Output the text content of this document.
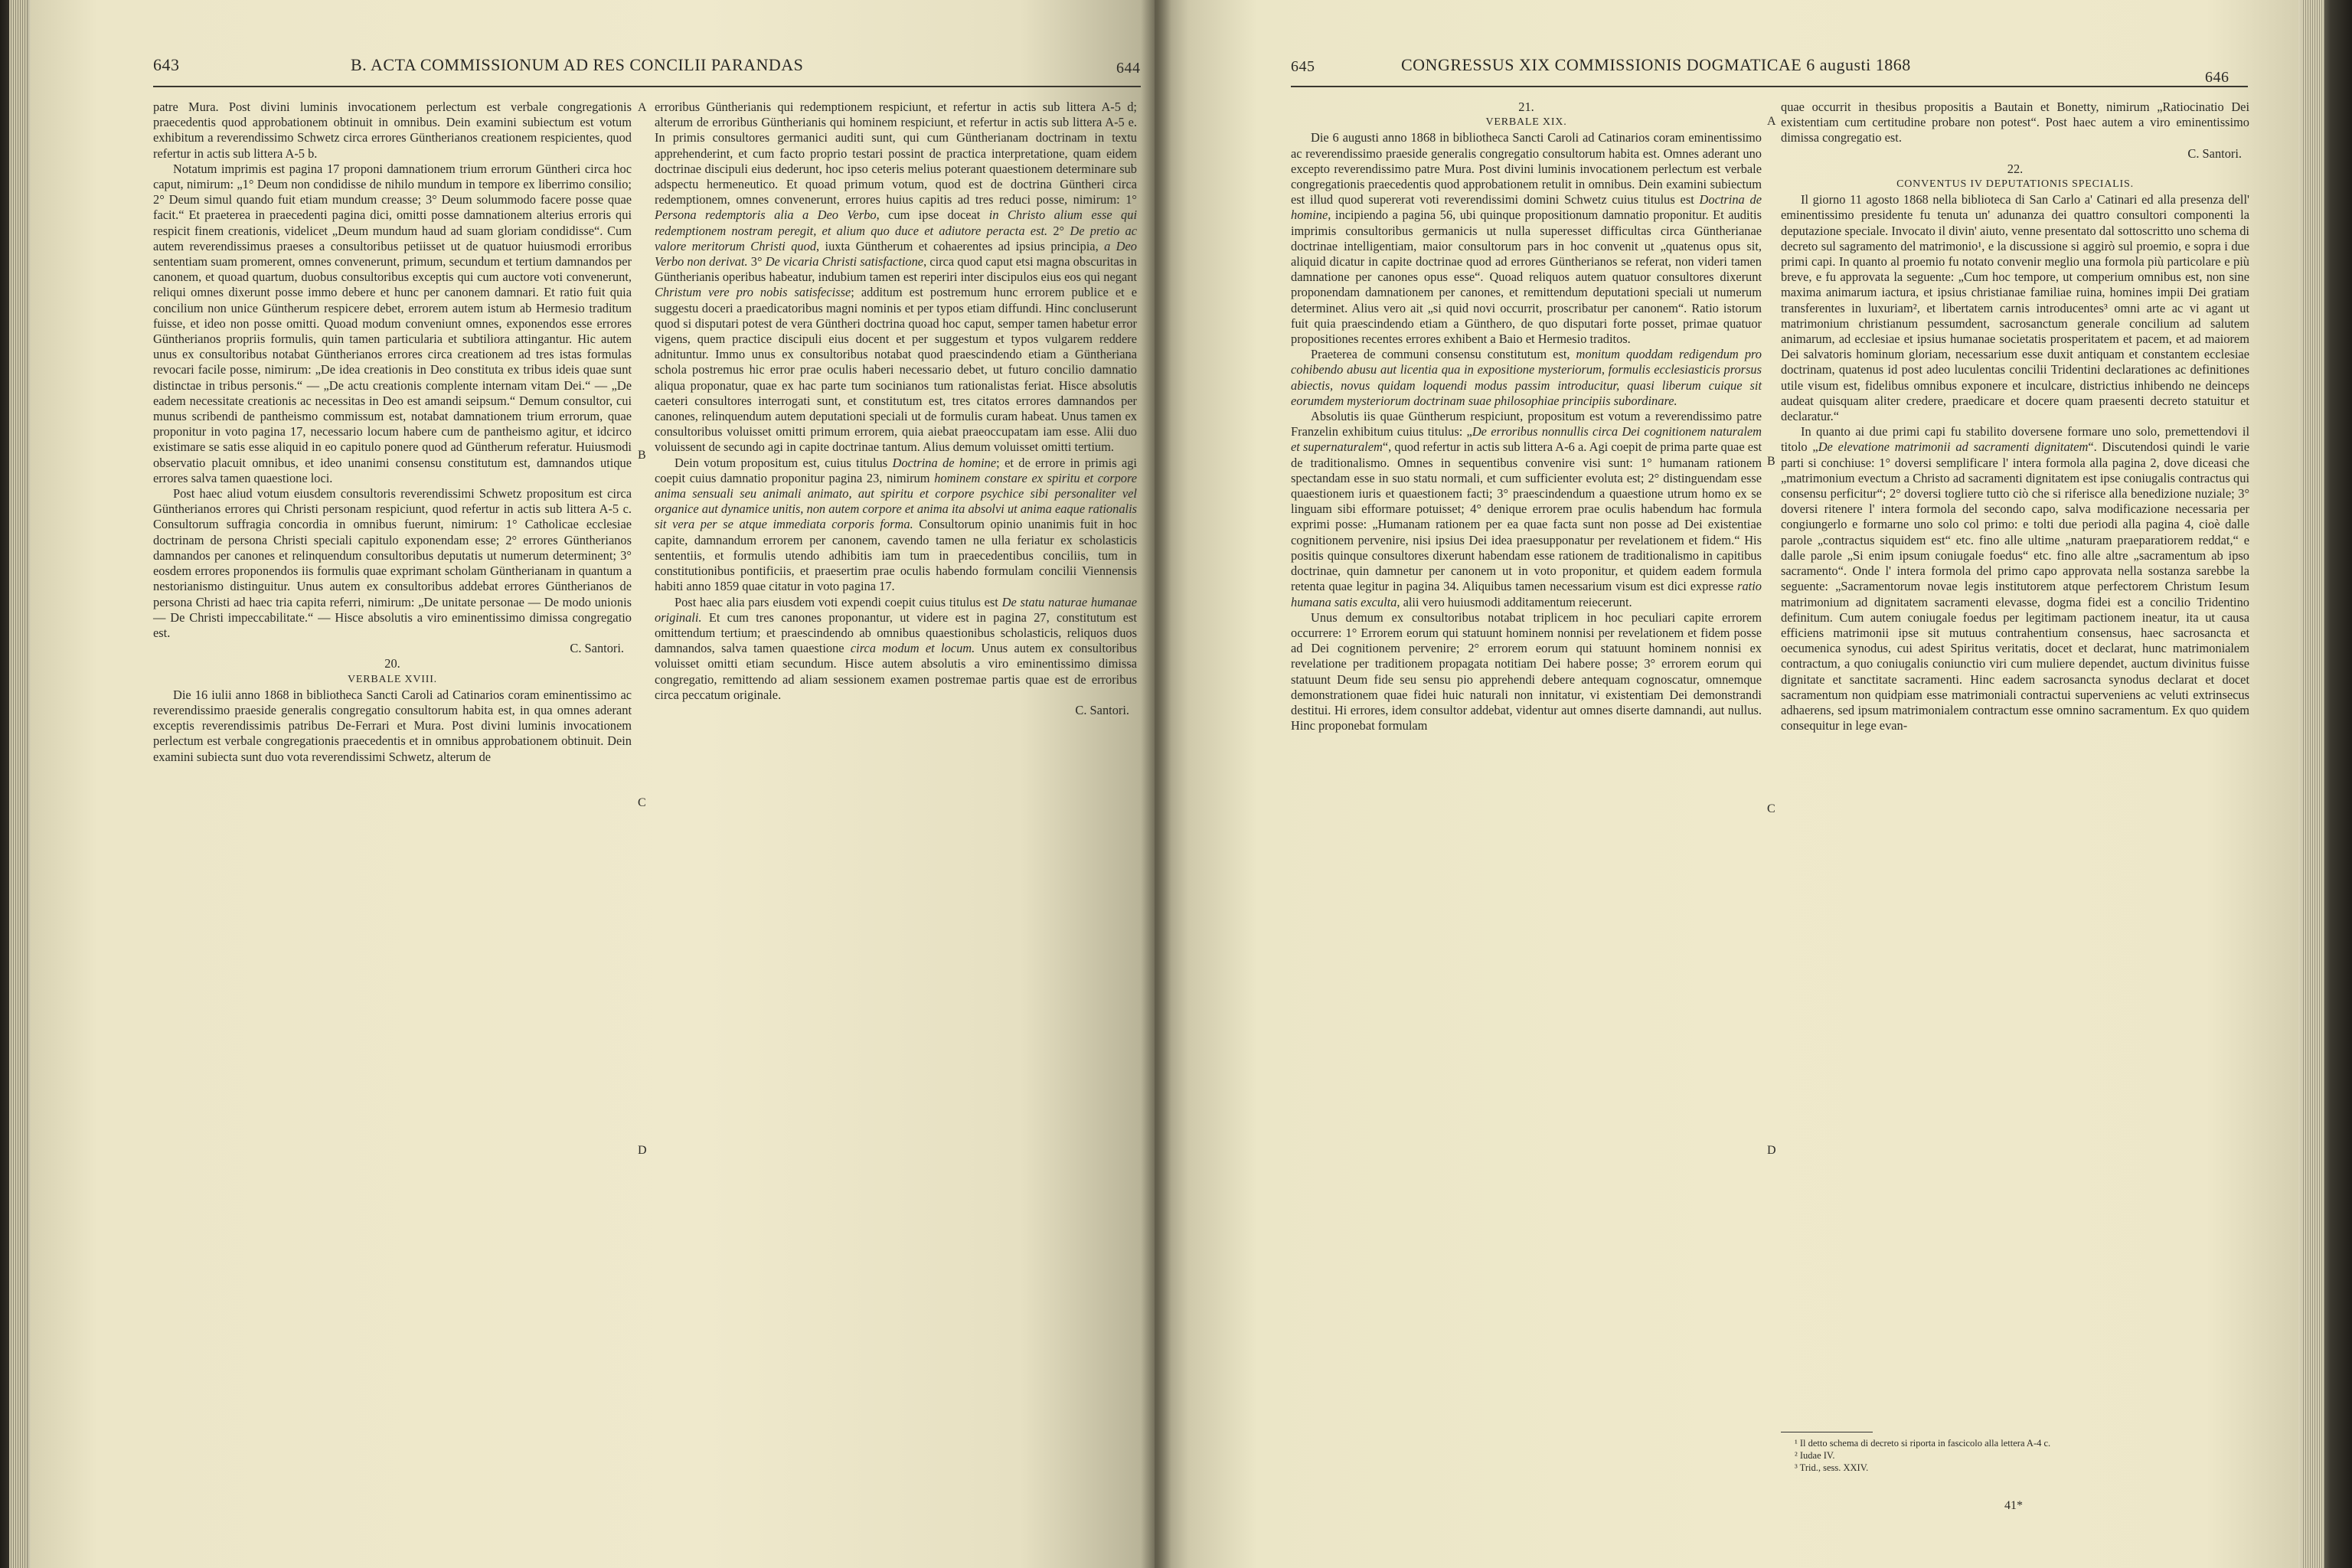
643	B. ACTA COMMISSIONUM AD RES CONCILII PARANDAS	644

patre Mura. Post divini luminis invocationem perlectum est verbale congregationis praecedentis quod approbationem obtinuit in omnibus. Dein examini subiectum est votum exhibitum a reverendissimo Schwetz circa errores Güntherianos creationem respicientes, quod refertur in actis sub littera A-5 b.

Notatum imprimis est pagina 17 proponi damnationem trium errorum Güntheri circa hoc caput, nimirum: „1° Deum non condidisse de nihilo mundum in tempore ex liberrimo consilio; 2° Deum simul quando fuit etiam mundum creasse; 3° Deum solummodo facere posse quae facit.“ Et praeterea in praecedenti pagina dici, omitti posse damnationem alterius erroris qui respicit finem creationis, videlicet „Deum mundum haud ad suam gloriam condidisse“. Cum autem reverendissimus praeses a consultoribus petiisset ut de quatuor huiusmodi erroribus sententiam suam promerent, omnes convenerunt, primum, secundum et tertium damnandos per canonem, et quoad quartum, duobus consultoribus exceptis qui cum auctore voti convenerunt, reliqui omnes dixerunt posse immo debere et hunc per canonem damnari. Et ratio fuit quia concilium non unice Güntherum respicere debet, errorem autem istum ab Hermesio traditum fuisse, et ideo non posse omitti. Quoad modum conveniunt omnes, exponendos esse errores Güntherianos propriis formulis, quin tamen particularia et subtiliora attingantur. Hic autem unus ex consultoribus notabat Güntherianos errores circa creationem ad tres istas formulas revocari facile posse, nimirum: „De idea creationis in Deo constituta ex tribus ideis quae sunt distinctae in tribus personis.“ — „De actu creationis complente internam vitam Dei.“ — „De eadem necessitate creationis ac necessitas in Deo est amandi seipsum.“ Demum consultor, cui munus scribendi de pantheismo commissum est, notabat damnationem trium errorum, quae proponitur in voto pagina 17, necessario locum habere cum de pantheismo agitur, et idcirco existimare se satis esse aliquid in eo capitulo ponere quod ad Güntherum referatur. Huiusmodi observatio placuit omnibus, et ideo unanimi consensu constitutum est, damnandos utique errores salva tamen quaestione loci.

Post haec aliud votum eiusdem consultoris reverendissimi Schwetz propositum est circa Güntherianos errores qui Christi personam respiciunt, quod refertur in actis sub littera A-5 c. Consultorum suffragia concordia in omnibus fuerunt, nimirum: 1° Catholicae ecclesiae doctrinam de persona Christi speciali capitulo exponendam esse; 2° errores Güntherianos damnandos per canones et relinquendum consultoribus deputatis ut numerum determinent; 3° eosdem errores proponendos iis formulis quae exprimant scholam Güntherianam in quantum a nestorianismo distinguitur. Unus autem ex consultoribus addebat errores Güntherianos de persona Christi ad haec tria capita referri, nimirum: „De unitate personae — De modo unionis — De Christi impeccabilitate.“ — Hisce absolutis a viro eminentissimo dimissa congregatio est.

C. Santori.
20.
VERBALE XVIII.

Die 16 iulii anno 1868 in bibliotheca Sancti Caroli ad Catinarios coram eminentissimo ac reverendissimo praeside generalis congregatio consultorum habita est, in qua omnes aderant exceptis reverendissimis patribus De-Ferrari et Mura. Post divini luminis invocationem perlectum est verbale congregationis praecedentis et in omnibus approbationem obtinuit. Dein examini subiecta sunt duo vota reverendissimi Schwetz, alterum de

A
B
C
D

erroribus Güntherianis qui redemptionem respiciunt, et refertur in actis sub littera A-5 d; alterum de erroribus Güntherianis qui hominem respiciunt, et refertur in actis sub littera A-5 e. In primis consultores germanici auditi sunt, qui cum Güntherianam doctrinam in textu apprehenderint, et cum facto proprio testari possint de practica interpretatione, quam eidem doctrinae discipuli eius dederunt, hoc ipso ceteris melius poterant quaestionem determinare sub adspectu hermeneutico. Et quoad primum votum, quod est de doctrina Güntheri circa redemptionem, omnes convenerunt, errores huius capitis ad tres reduci posse, nimirum: 1° Persona redemptoris alia a Deo Verbo, cum ipse doceat in Christo alium esse qui redemptionem nostram peregit, et alium quo duce et adiutore peracta est. 2° De pretio ac valore meritorum Christi quod, iuxta Güntherum et cohaerentes ad ipsius principia, a Deo Verbo non derivat. 3° De vicaria Christi satisfactione, circa quod caput etsi magna obscuritas in Güntherianis operibus habeatur, indubium tamen est reperiri inter discipulos eius eos qui negant Christum vere pro nobis satisfecisse; additum est postremum hunc errorem publice et e suggestu doceri a praedicatoribus magni nominis et per typos etiam diffundi. Hinc concluserunt quod si disputari potest de vera Güntheri doctrina quoad hoc caput, semper tamen habetur error vigens, quem practice discipuli eius docent et per suggestum et typos vulgarem reddere adnituntur. Immo unus ex consultoribus notabat quod praescindendo etiam a Güntheriana schola postremus hic error prae oculis haberi necessario debet, ut futuro concilio damnatio aliqua proponatur, quae ex hac parte tum socinianos tum rationalistas feriat. Hisce absolutis caeteri consultores interrogati sunt, et constitutum est, tres citatos errores damnandos per canones, relinquendum autem deputationi speciali ut de formulis curam habeat. Unus tamen ex consultoribus voluisset omitti primum errorem, quia aiebat praeoccupatam iam esse. Alii duo voluissent de secundo agi in capite doctrinae tantum. Alius demum voluisset omitti tertium.

Dein votum propositum est, cuius titulus Doctrina de homine; et de errore in primis agi coepit cuius damnatio proponitur pagina 23, nimirum hominem constare ex spiritu et corpore anima sensuali seu animali animato, aut spiritu et corpore psychice sibi personaliter vel organice aut dynamice unitis, non autem corpore et anima ita absolvi ut anima eaque rationalis sit vera per se atque immediata corporis forma. Consultorum opinio unanimis fuit in hoc capite, damnandum errorem per canonem, cavendo tamen ne ulla feriatur ex scholasticis sententiis, et formulis utendo adhibitis iam tum in praecedentibus conciliis, tum in constitutionibus pontificiis, et praesertim prae oculis habendo formulam concilii Viennensis habiti anno 1859 quae citatur in voto pagina 17.

Post haec alia pars eiusdem voti expendi coepit cuius titulus est De statu naturae humanae originali. Et cum tres canones proponantur, ut videre est in pagina 27, constitutum est omittendum tertium; et praescindendo ab omnibus quaestionibus scholasticis, reliquos duos damnandos, salva tamen quaestione circa modum et locum. Unus autem ex consultoribus voluisset omitti etiam secundum. Hisce autem absolutis a viro eminentissimo dimissa congregatio, remittendo ad aliam sessionem examen postremae partis quae est de erroribus circa peccatum originale.

C. Santori.
645	CONGRESSUS XIX COMMISSIONIS DOGMATICAE 6 augusti 1868
646
21.
VERBALE XIX.

Die 6 augusti anno 1868 in bibliotheca Sancti Caroli ad Catinarios coram eminentissimo ac reverendissimo praeside generalis congregatio consultorum habita est. Omnes aderant uno excepto reverendissimo patre Mura. Post divini luminis invocationem perlectum est verbale congregationis praecedentis quod approbationem retulit in omnibus. Dein examini subiectum est illud quod supererat voti reverendissimi domini Schwetz cuius titulus est Doctrina de homine, incipiendo a pagina 56, ubi quinque propositionum damnatio proponitur. Et auditis imprimis consultoribus germanicis ut nulla superesset difficultas circa Güntherianae doctrinae intelligentiam, maior consultorum pars in hoc convenit ut „quatenus opus sit, aliquid dicatur in capite doctrinae quod ad errores Güntherianos se referat, non videri tamen damnatione per canones opus esse“. Quoad reliquos autem quatuor consultores dixerunt proponendam damnationem per canones, et remittendum deputationi speciali ut numerum determinet. Alius vero ait „si quid novi occurrit, proscribatur per canonem“. Ratio istorum fuit quia praescindendo etiam a Günthero, de quo disputari forte posset, primae quatuor propositiones recentes errores exhibent a Baio et Hermesio traditos.

Praeterea de communi consensu constitutum est, monitum quoddam redigendum pro cohibendo abusu aut licentia qua in expositione mysteriorum, formulis ecclesiasticis prorsus abiectis, novus quidam loquendi modus passim introducitur, quasi liberum cuique sit eorumdem mysteriorum doctrinam suae philosophiae principiis subordinare.

Absolutis iis quae Güntherum respiciunt, propositum est votum a reverendissimo patre Franzelin exhibitum cuius titulus: „De erroribus nonnullis circa Dei cognitionem naturalem et supernaturalem“, quod refertur in actis sub littera A-6 a. Agi coepit de prima parte quae est de traditionalismo. Omnes in sequentibus convenire visi sunt: 1° humanam rationem spectandam esse in suo statu normali, et cum sufficienter evoluta est; 2° distinguendam esse quaestionem iuris et quaestionem facti; 3° praescindendum a quaestione utrum homo ex se linguam sibi efformare potuisset; 4° denique errorem prae oculis habendum hac formula exprimi posse: „Humanam rationem per ea quae facta sunt non posse ad Dei existentiae cognitionem pervenire, nisi ipsius Dei idea praesupponatur per revelationem et fidem.“ His positis quinque consultores dixerunt habendam esse rationem de traditionalismo in capitibus doctrinae, quin damnetur per canonem ut in voto proponitur, et quidem eadem formula retenta quae legitur in pagina 34. Aliquibus tamen necessarium visum est dici expresse ratio humana satis exculta, alii vero huiusmodi additamentum reiecerunt.

Unus demum ex consultoribus notabat triplicem in hoc peculiari capite errorem occurrere: 1° Errorem eorum qui statuunt hominem nonnisi per revelationem et fidem posse ad Dei cognitionem pervenire; 2° errorem eorum qui statuunt hominem nonnisi ex revelatione per traditionem propagata notitiam Dei habere posse; 3° errorem eorum qui statuunt Deum fide seu sensu pio apprehendi debere antequam cognoscatur, omnemque demonstrationem quae fidei huic naturali non innitatur, vi existentiam Dei demonstrandi destitui. Hi errores, idem consultor addebat, videntur aut omnes diserte damnandi, aut nullus. Hinc proponebat formulam

A
B
C
D

quae occurrit in thesibus propositis a Bautain et Bonetty, nimirum „Ratiocinatio Dei existentiam cum certitudine probare non potest“. Post haec autem a viro eminentissimo dimissa congregatio est.

C. Santori.
22.
CONVENTUS IV DEPUTATIONIS SPECIALIS.

Il giorno 11 agosto 1868 nella biblioteca di San Carlo a' Catinari ed alla presenza dell' eminentissimo presidente fu tenuta un' adunanza dei quattro consultori componenti la deputazione speciale. Invocato il divin' aiuto, venne presentato dal sottoscritto uno schema di decreto sul sagramento del matrimonio¹, e la discussione si aggirò sul proemio, e sopra i due primi capi. In quanto al proemio fu notato convenir meglio una formola più particolare e più breve, e fu approvata la seguente: „Cum hoc tempore, ut comperium omnibus est, non sine maxima animarum iactura, et ipsius christianae familiae ruina, homines impii Dei gratiam transferentes in luxuriam², et libertatem carnis introducentes³ omni arte ac vi agant ut matrimonium christianum pessumdent, sacrosanctum generale concilium ad salutem animarum, ad ecclesiae et ipsius humanae societatis prosperitatem et pacem, et ad maiorem Dei salvatoris hominum gloriam, necessarium esse duxit antiquam et constantem ecclesiae doctrinam, quatenus id post adeo luculentas concilii Tridentini declarationes ac definitiones utile visum est, fidelibus omnibus exponere et inculcare, districtius inhibendo ne deinceps audeat quisquam aliter credere, praedicare et docere quam praesenti decreto statuitur et declaratur.“

In quanto ai due primi capi fu stabilito doversene formare uno solo, premettendovi il titolo „De elevatione matrimonii ad sacramenti dignitatem“. Discutendosi quindi le varie parti si conchiuse: 1° doversi semplificare l' intera formola alla pagina 2, dove diceasi che „matrimonium evectum a Christo ad sacramenti dignitatem est ipse coniugalis contractus qui consensu perficitur“; 2° doversi togliere tutto ciò che si riferisce alla benedizione nuziale; 3° doversi ritenere l' intera formola del secondo capo, salva modificazione necessaria per congiungerlo e formarne uno solo col primo: e tolti due periodi alla pagina 4, cioè dalle parole „contractus siquidem est“ etc. fino alle ultime „naturam praeparatiorem reddat,“ e dalle parole „Si enim ipsum coniugale foedus“ etc. fino alle altre „sacramentum ab ipso sacramento“. Onde l' intera formola del primo capo approvata nella sostanza sarebbe la seguente: „Sacramentorum novae legis institutorem atque perfectorem Christum Iesum matrimonium ad dignitatem sacramenti elevasse, dogma fidei est a concilio Tridentino definitum. Cum autem coniugale foedus per legitimam pactionem ineatur, ita ut causa efficiens matrimonii ipse sit mutuus contrahentium consensus, haec sacrosancta et oecumenica synodus, cui adest Spiritus veritatis, docet et declarat, hunc matrimonialem contractum, a quo coniugalis coniunctio viri cum muliere dependet, auctum divinitus fuisse dignitate et sanctitate sacramenti. Hinc eadem sacrosancta synodus declarat et docet sacramentum non quidpiam esse matrimoniali contractui superveniens ac veluti extrinsecus adhaerens, sed ipsum matrimonialem contractum esse omnino sacramentum. Ex quo quidem consequitur in lege evan-

¹ Il detto schema di decreto si riporta in fascicolo alla lettera A-4 c.

² Iudae IV.

³ Trid., sess. XXIV.

41*
